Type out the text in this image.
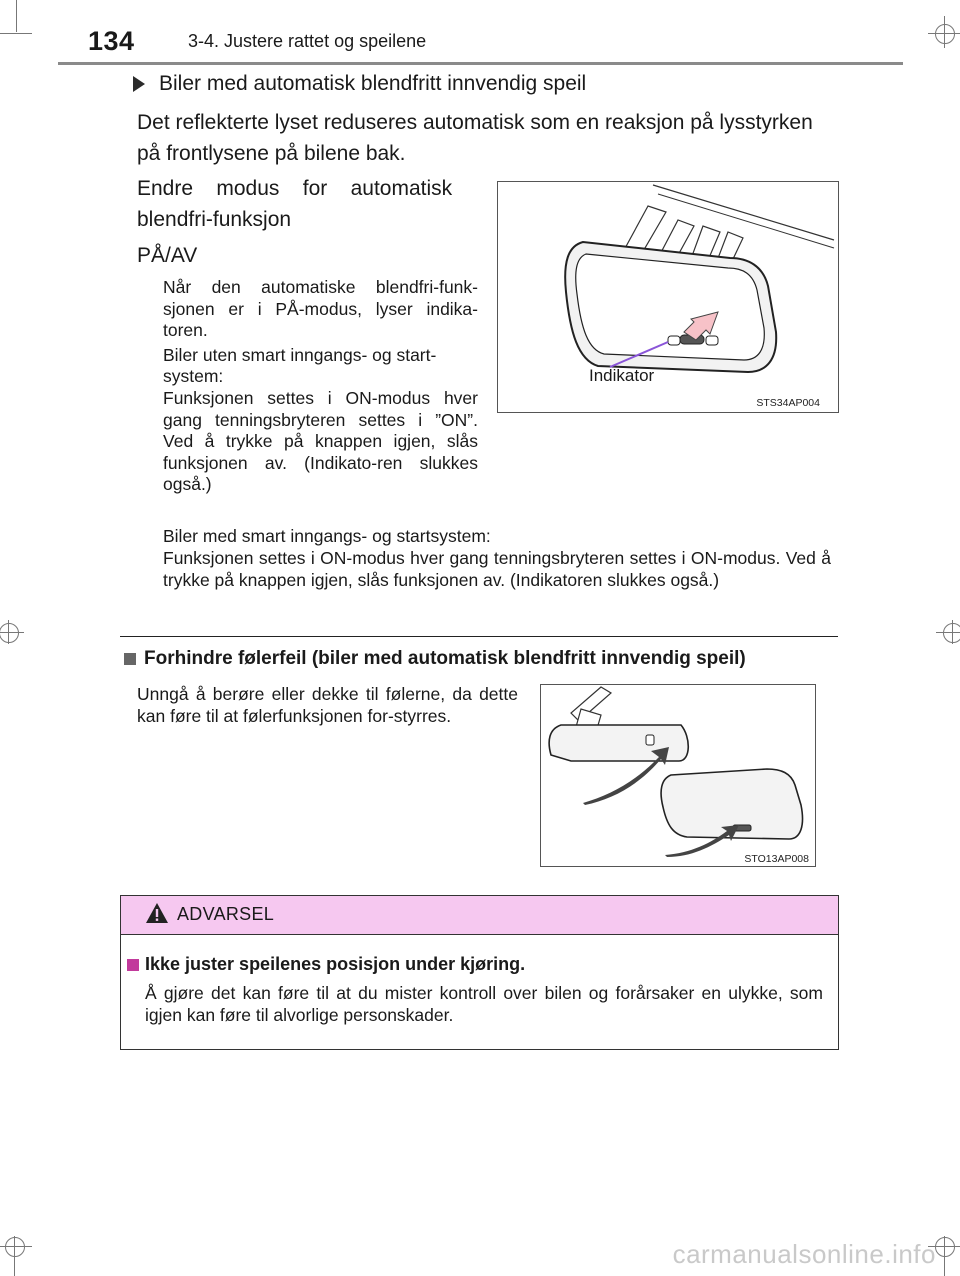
134	3-4. Justere rattet og speilene
Biler med automatisk blendfritt innvendig speil
Det reflekterte lyset reduseres automatisk som en reaksjon på lysstyrken
på frontlysene på bilene bak.
Endre    modus    for    automatisk
blendfri-funksjon
PÅ/AV
Når den automatiske blendfri-funk-sjonen er i PÅ-modus, lyser indika-toren.
Biler uten smart inngangs- og start-
system:
Funksjonen settes i ON-modus hver gang tenningsbryteren settes i ”ON”. Ved å trykke på knappen igjen, slås funksjonen av. (Indikato-ren slukkes også.)
Biler med smart inngangs- og startsystem:
Funksjonen settes i ON-modus hver gang tenningsbryteren settes i ON-modus. Ved å trykke på knappen igjen, slås funksjonen av. (Indikatoren slukkes også.)
STS34AP004
Indikator
Forhindre følerfeil (biler med automatisk blendfritt innvendig speil)
Unngå å berøre eller dekke til følerne, da dette kan føre til at følerfunksjonen for-styrres.
STO13AP008
ADVARSEL
Ikke juster speilenes posisjon under kjøring.
Å gjøre det kan føre til at du mister kontroll over bilen og forårsaker en ulykke, som igjen kan føre til alvorlige personskader.
carmanualsonline.info
